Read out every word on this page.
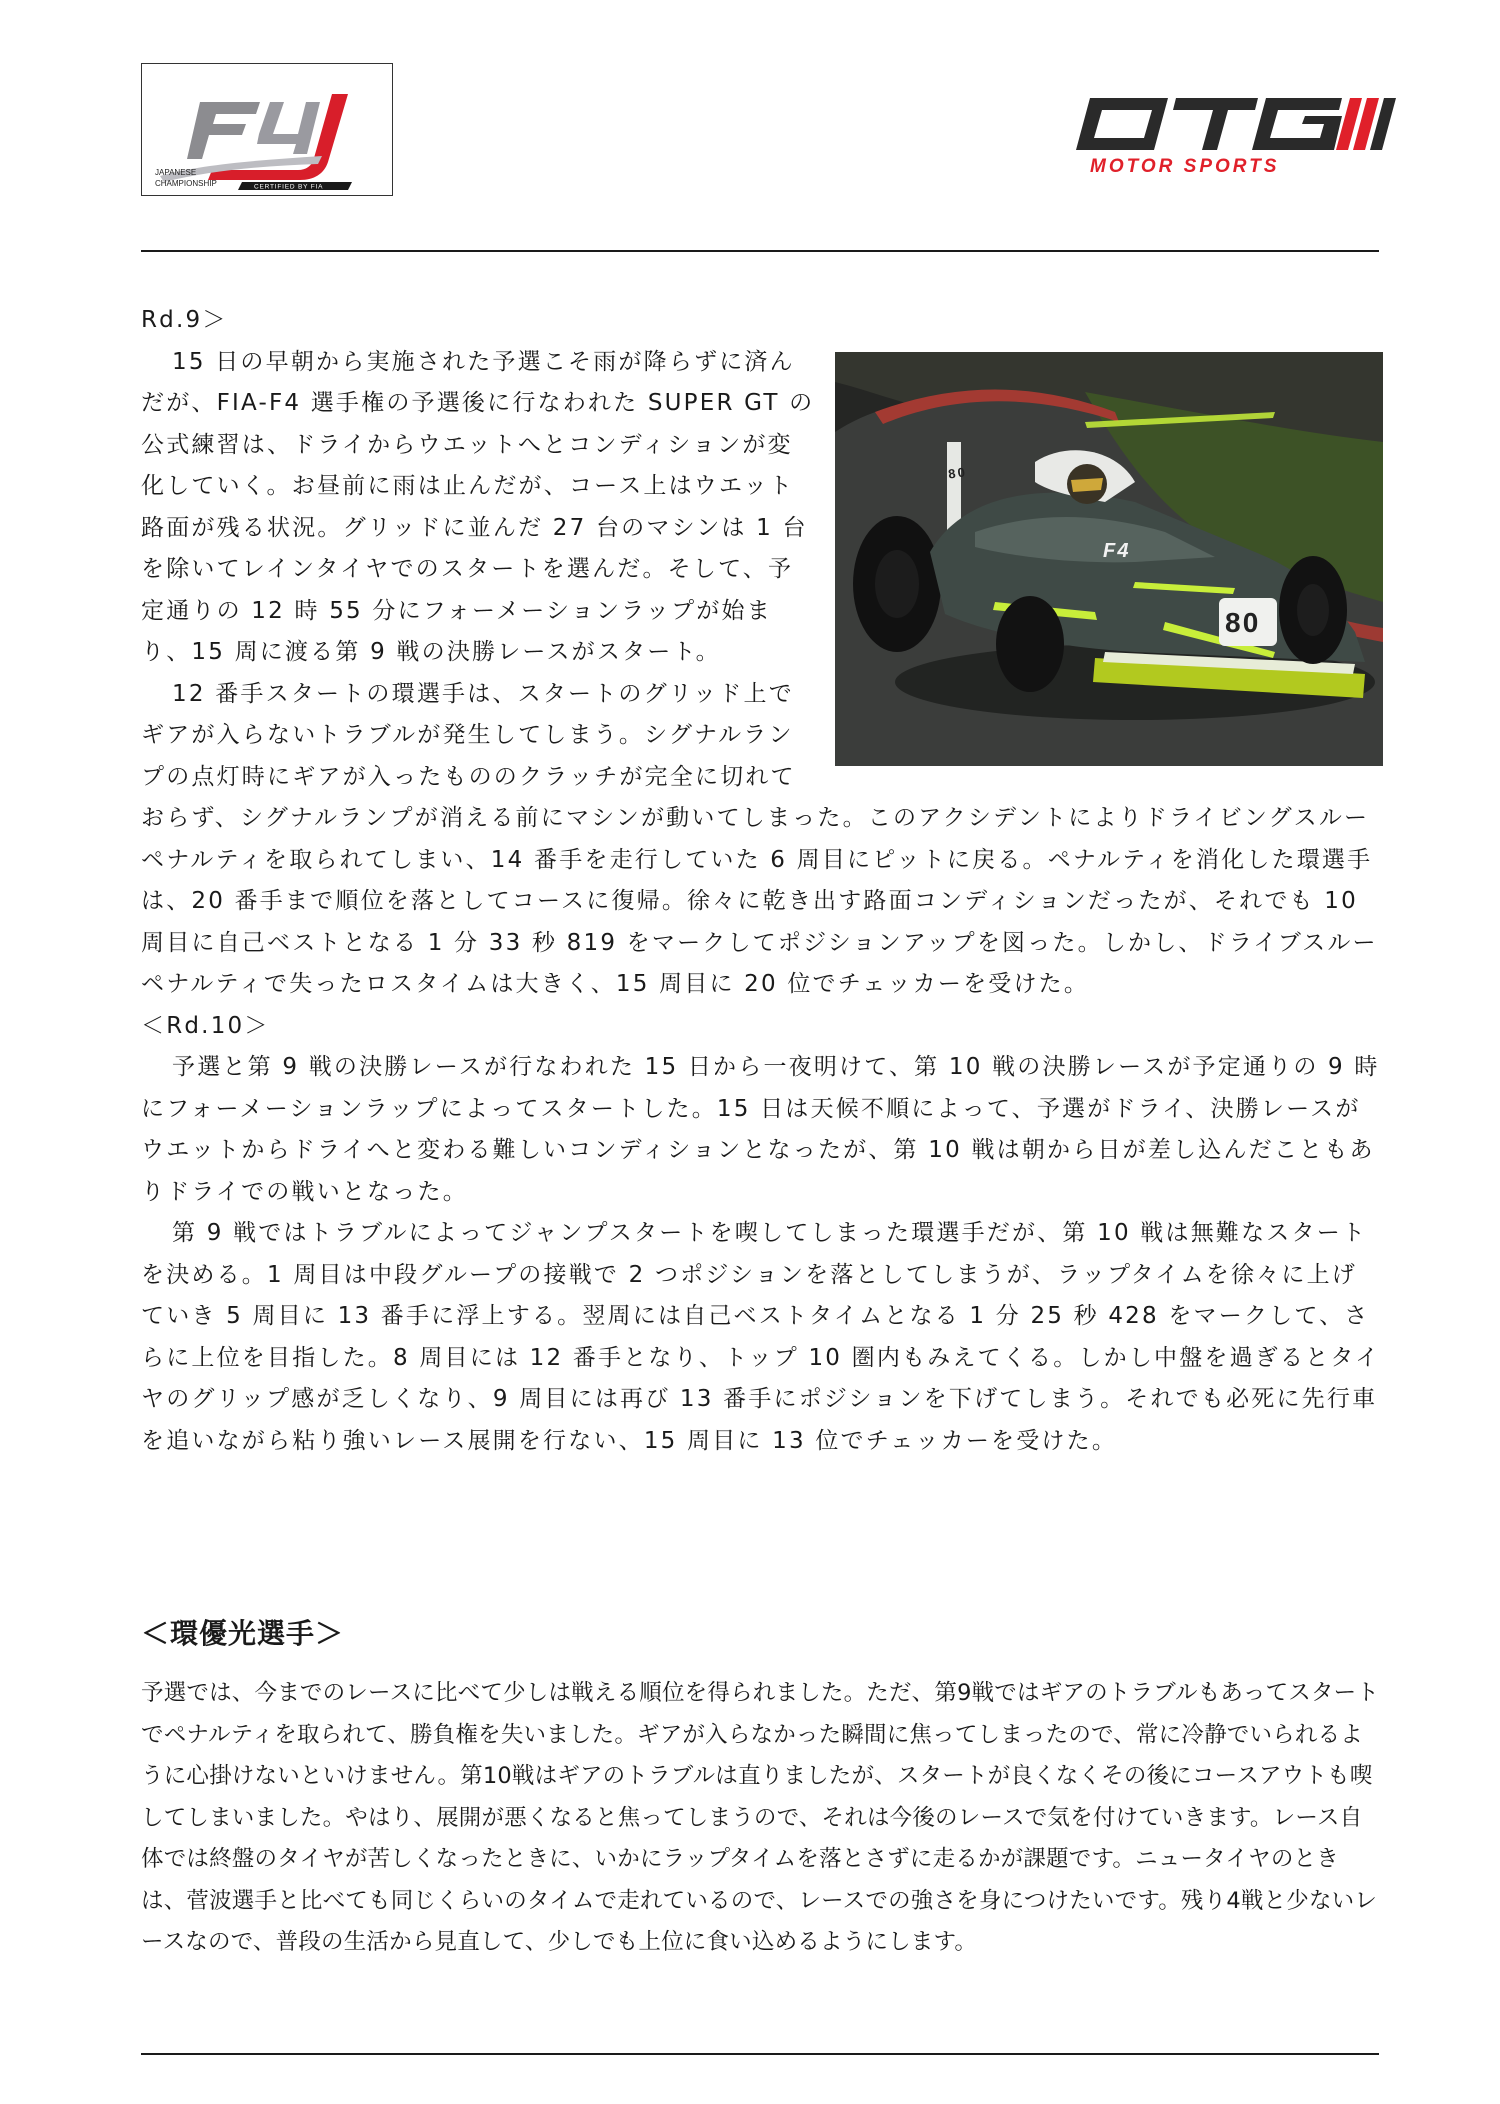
CERTIFIED BY FIA
JAPANESE
CHAMPIONSHIP
MOTOR SPORTS

Rd.9＞

80
80
F4

15 日の早朝から実施された予選こそ雨が降らずに済んだが、FIA-F4 選手権の予選後に行なわれた SUPER GT の公式練習は、ドライからウエットへとコンディションが変化していく。お昼前に雨は止んだが、コース上はウエット路面が残る状況。グリッドに並んだ 27 台のマシンは 1 台を除いてレインタイヤでのスタートを選んだ。そして、予定通りの 12 時 55 分にフォーメーションラップが始まり、15 周に渡る第 9 戦の決勝レースがスタート。

12 番手スタートの環選手は、スタートのグリッド上でギアが入らないトラブルが発生してしまう。シグナルランプの点灯時にギアが入ったもののクラッチが完全に切れておらず、シグナルランプが消える前にマシンが動いてしまった。このアクシデントによりドライビングスルーペナルティを取られてしまい、14 番手を走行していた 6 周目にピットに戻る。ペナルティを消化した環選手は、20 番手まで順位を落としてコースに復帰。徐々に乾き出す路面コンディションだったが、それでも 10 周目に自己ベストとなる 1 分 33 秒 819 をマークしてポジションアップを図った。しかし、ドライブスルーペナルティで失ったロスタイムは大きく、15 周目に 20 位でチェッカーを受けた。

＜Rd.10＞

予選と第 9 戦の決勝レースが行なわれた 15 日から一夜明けて、第 10 戦の決勝レースが予定通りの 9 時にフォーメーションラップによってスタートした。15 日は天候不順によって、予選がドライ、決勝レースがウエットからドライへと変わる難しいコンディションとなったが、第 10 戦は朝から日が差し込んだこともありドライでの戦いとなった。

第 9 戦ではトラブルによってジャンプスタートを喫してしまった環選手だが、第 10 戦は無難なスタートを決める。1 周目は中段グループの接戦で 2 つポジションを落としてしまうが、ラップタイムを徐々に上げていき 5 周目に 13 番手に浮上する。翌周には自己ベストタイムとなる 1 分 25 秒 428 をマークして、さらに上位を目指した。8 周目には 12 番手となり、トップ 10 圏内もみえてくる。しかし中盤を過ぎるとタイヤのグリップ感が乏しくなり、9 周目には再び 13 番手にポジションを下げてしまう。それでも必死に先行車を追いながら粘り強いレース展開を行ない、15 周目に 13 位でチェッカーを受けた。

＜環優光選手＞

予選では、今までのレースに比べて少しは戦える順位を得られました。ただ、第9戦ではギアのトラブルもあってスタートでペナルティを取られて、勝負権を失いました。ギアが入らなかった瞬間に焦ってしまったので、常に冷静でいられるように心掛けないといけません。第10戦はギアのトラブルは直りましたが、スタートが良くなくその後にコースアウトも喫してしまいました。やはり、展開が悪くなると焦ってしまうので、それは今後のレースで気を付けていきます。レース自体では終盤のタイヤが苦しくなったときに、いかにラップタイムを落とさずに走るかが課題です。ニュータイヤのときは、菅波選手と比べても同じくらいのタイムで走れているので、レースでの強さを身につけたいです。残り4戦と少ないレースなので、普段の生活から見直して、少しでも上位に食い込めるようにします。
